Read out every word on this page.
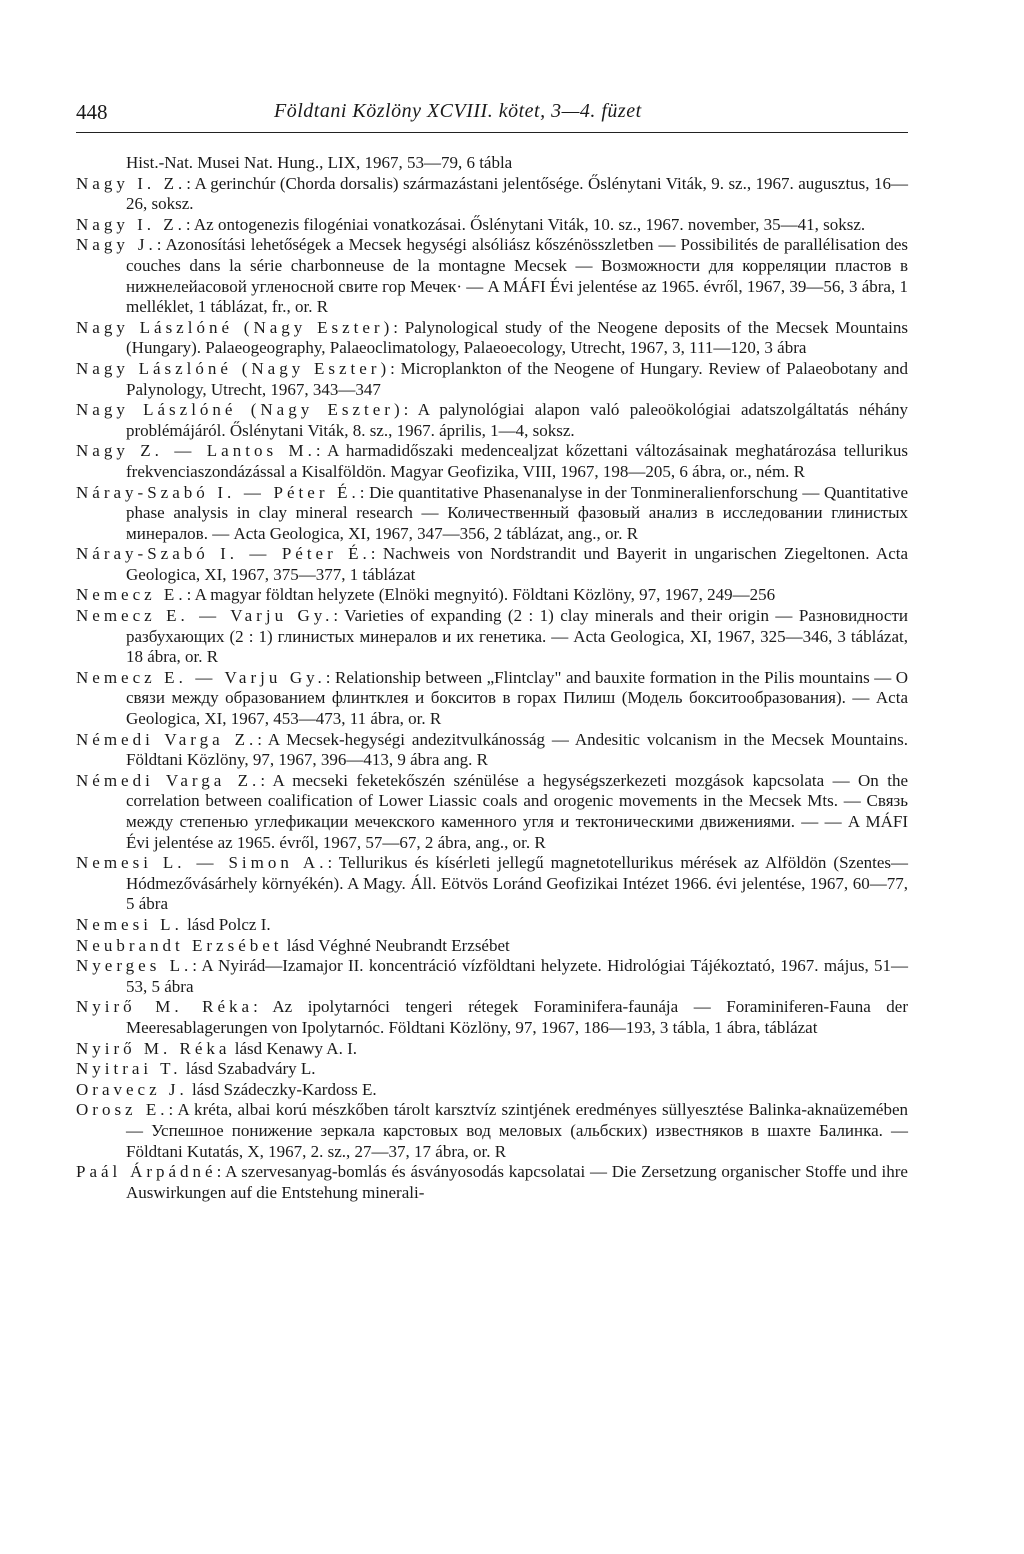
448	Földtani Közlöny XCVIII. kötet, 3—4. füzet

Hist.-Nat. Musei Nat. Hung., LIX, 1967, 53—79, 6 tábla

Nagy I. Z.: A gerinchúr (Chorda dorsalis) származástani jelentősége. Őslénytani Viták, 9. sz., 1967. augusztus, 16—26, soksz.

Nagy I. Z.: Az ontogenezis filogéniai vonatkozásai. Őslénytani Viták, 10. sz., 1967. november, 35—41, soksz.

Nagy J.: Azonosítási lehetőségek a Mecsek hegységi alsóliász kőszénösszletben — Possibilités de parallélisation des couches dans la série charbonneuse de la montagne Mecsek — Возможности для корреляции пластов в нижнелейасовой угленосной свите гор Мечек· — A MÁFI Évi jelentése az 1965. évről, 1967, 39—56, 3 ábra, 1 melléklet, 1 táblázat, fr., or. R

Nagy Lászlóné (Nagy Eszter): Palynological study of the Neogene deposits of the Mecsek Mountains (Hungary). Palaeogeography, Palaeoclimatology, Palaeoecology, Utrecht, 1967, 3, 111—120, 3 ábra

Nagy Lászlóné (Nagy Eszter): Microplankton of the Neogene of Hungary. Review of Palaeobotany and Palynology, Utrecht, 1967, 343—347

Nagy Lászlóné (Nagy Eszter): A palynológiai alapon való paleoökológiai adatszolgáltatás néhány problémájáról. Őslénytani Viták, 8. sz., 1967. április, 1—4, soksz.

Nagy Z. — Lantos M.: A harmadidőszaki medencealjzat kőzettani változásainak meghatározása tellurikus frekvenciaszondázással a Kisalföldön. Magyar Geofizika, VIII, 1967, 198—205, 6 ábra, or., ném. R

Náray-Szabó I. — Péter É.: Die quantitative Phasenanalyse in der Tonmineralienforschung — Quantitative phase analysis in clay mineral research — Количественный фазовый анализ в исследовании глинистых минералов. — Acta Geologica, XI, 1967, 347—356, 2 táblázat, ang., or. R

Náray-Szabó I. — Péter É.: Nachweis von Nordstrandit und Bayerit in ungarischen Ziegeltonen. Acta Geologica, XI, 1967, 375—377, 1 táblázat

Nemecz E.: A magyar földtan helyzete (Elnöki megnyitó). Földtani Közlöny, 97, 1967, 249—256

Nemecz E. — Varju Gy.: Varieties of expanding (2 : 1) clay minerals and their origin — Разновидности разбухающих (2 : 1) глинистых минералов и их генетика. — Acta Geologica, XI, 1967, 325—346, 3 táblázat, 18 ábra, or. R

Nemecz E. — Varju Gy.: Relationship between „Flintclay" and bauxite formation in the Pilis mountains — О связи между образованием флинтклея и бокситов в горах Пилиш (Модель бокситообразования). — Acta Geologica, XI, 1967, 453—473, 11 ábra, or. R

Némedi Varga Z.: A Mecsek-hegységi andezitvulkánosság — Andesitic volcanism in the Mecsek Mountains. Földtani Közlöny, 97, 1967, 396—413, 9 ábra ang. R

Némedi Varga Z.: A mecseki feketekőszén szénülése a hegységszerkezeti mozgások kapcsolata — On the correlation between coalification of Lower Liassic coals and orogenic movements in the Mecsek Mts. — Связь между степенью углефикации мечекского каменного угля и тектоническими движениями. — — A MÁFI Évi jelentése az 1965. évről, 1967, 57—67, 2 ábra, ang., or. R

Nemesi L. — Simon A.: Tellurikus és kísérleti jellegű magnetotellurikus mérések az Alföldön (Szentes—Hódmezővásárhely környékén). A Magy. Áll. Eötvös Loránd Geofizikai Intézet 1966. évi jelentése, 1967, 60—77, 5 ábra

Nemesi L. lásd Polcz I.

Neubrandt Erzsébet lásd Véghné Neubrandt Erzsébet

Nyerges L.: A Nyirád—Izamajor II. koncentráció vízföldtani helyzete. Hidrológiai Tájékoztató, 1967. május, 51—53, 5 ábra

Nyirő M. Réka: Az ipolytarnóci tengeri rétegek Foraminifera-faunája — Foraminiferen-Fauna der Meeresablagerungen von Ipolytarnóc. Földtani Közlöny, 97, 1967, 186—193, 3 tábla, 1 ábra, táblázat

Nyirő M. Réka lásd Kenawy A. I.

Nyitrai T. lásd Szabadváry L.

Oravecz J. lásd Szádeczky-Kardoss E.

Orosz E.: A kréta, albai korú mészkőben tárolt karsztvíz szintjének eredményes süllyesztése Balinka-aknaüzemében — Успешное понижение зеркала карстовых вод меловых (альбских) известняков в шахте Балинка. — Földtani Kutatás, X, 1967, 2. sz., 27—37, 17 ábra, or. R

Paál Árpádné: A szervesanyag-bomlás és ásványosodás kapcsolatai — Die Zersetzung organischer Stoffe und ihre Auswirkungen auf die Entstehung minerali-
